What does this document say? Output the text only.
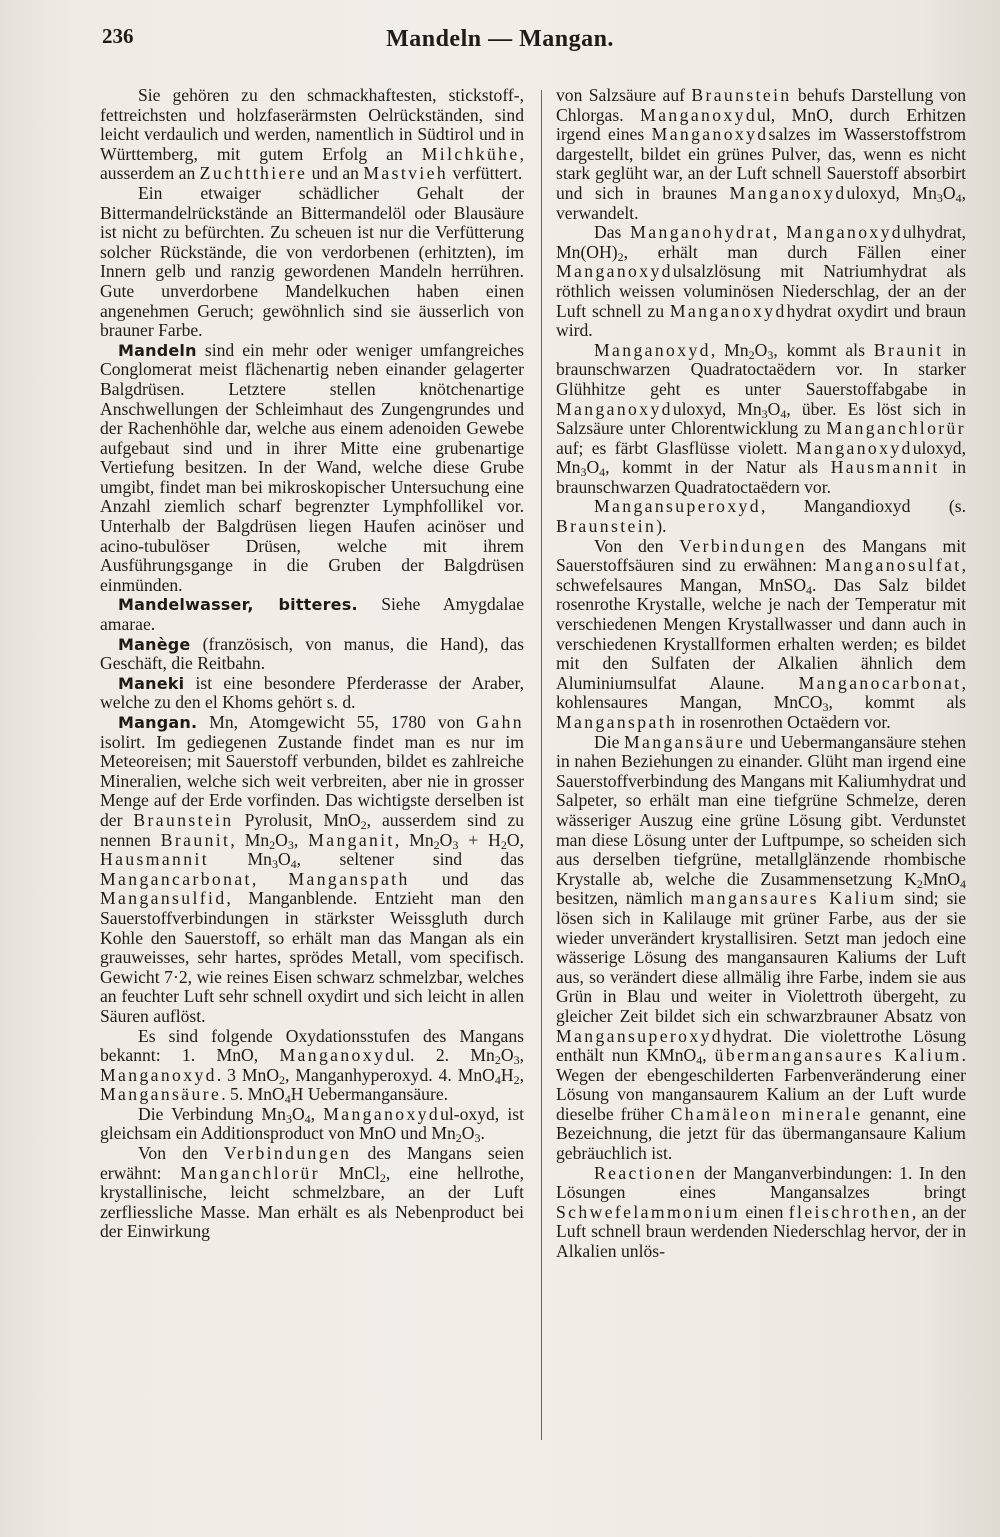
236	Mandeln — Mangan.

Sie gehören zu den schmackhaftesten, stickstoff-, fettreichsten und holzfaserärmsten Oelrückständen, sind leicht verdaulich und werden, namentlich in Südtirol und in Württemberg, mit gutem Erfolg an Milchkühe, ausserdem an Zuchtthiere und an Mastvieh verfüttert.

Ein etwaiger schädlicher Gehalt der Bittermandelrückstände an Bittermandelöl oder Blausäure ist nicht zu befürchten. Zu scheuen ist nur die Verfütterung solcher Rückstände, die von verdorbenen (erhitzten), im Innern gelb und ranzig gewordenen Mandeln herrühren. Gute unverdorbene Mandelkuchen haben einen angenehmen Geruch; gewöhnlich sind sie äusserlich von brauner Farbe.

Mandeln sind ein mehr oder weniger umfangreiches Conglomerat meist flächenartig neben einander gelagerter Balgdrüsen. Letztere stellen knötchenartige Anschwellungen der Schleimhaut des Zungengrundes und der Rachenhöhle dar, welche aus einem adenoiden Gewebe aufgebaut sind und in ihrer Mitte eine grubenartige Vertiefung besitzen. In der Wand, welche diese Grube umgibt, findet man bei mikroskopischer Untersuchung eine Anzahl ziemlich scharf begrenzter Lymphfollikel vor. Unterhalb der Balgdrüsen liegen Haufen acinöser und acino-tubulöser Drüsen, welche mit ihrem Ausführungsgange in die Gruben der Balgdrüsen einmünden.

Mandelwasser, bitteres. Siehe Amygdalae amarae.

Manège (französisch, von manus, die Hand), das Geschäft, die Reitbahn.

Maneki ist eine besondere Pferderasse der Araber, welche zu den el Khoms gehört s. d.

Mangan. Mn, Atomgewicht 55, 1780 von Gahn isolirt. Im gediegenen Zustande findet man es nur im Meteoreisen; mit Sauerstoff verbunden, bildet es zahlreiche Mineralien, welche sich weit verbreiten, aber nie in grosser Menge auf der Erde vorfinden. Das wichtigste derselben ist der Braunstein Pyrolusit, MnO$_2$, ausserdem sind zu nennen Braunit, $Mn_2O_3$, Manganit, $Mn_2O_3 + H_2O$, Hausmannit $Mn_3O_4$, seltener sind das Mangancarbonat, Manganspath und das Mangansulfid, Manganblende. Entzieht man den Sauerstoffverbindungen in stärkster Weissgluth durch Kohle den Sauerstoff, so erhält man das Mangan als ein grauweisses, sehr hartes, sprödes Metall, vom specifisch. Gewicht 7·2, wie reines Eisen schwarz schmelzbar, welches an feuchter Luft sehr schnell oxydirt und sich leicht in allen Säuren auflöst.

Es sind folgende Oxydationsstufen des Mangans bekannt: 1. MnO, Manganoxydul. 2. $Mn_2O_3$, Manganoxyd. 3 MnO$_2$, Manganhyperoxyd. 4. $MnO_4H_2$, Mangansäure. 5. MnO$_4$H Uebermangansäure.

Die Verbindung $Mn_3O_4$, Manganoxydul-oxyd, ist gleichsam ein Additionsproduct von MnO und $Mn_2O_3$.

Von den Verbindungen des Mangans seien erwähnt: Manganchlorür MnCl$_2$, eine hellrothe, krystallinische, leicht schmelzbare, an der Luft zerfliessliche Masse. Man erhält es als Nebenproduct bei der Einwirkung

von Salzsäure auf Braunstein behufs Darstellung von Chlorgas. Manganoxydul, MnO, durch Erhitzen irgend eines Manganoxydsalzes im Wasserstoffstrom dargestellt, bildet ein grünes Pulver, das, wenn es nicht stark geglüht war, an der Luft schnell Sauerstoff absorbirt und sich in braunes Manganoxyduloxyd, $Mn_3O_4$, verwandelt.

Das Manganohydrat, Manganoxydulhydrat, $Mn(OH)_2$, erhält man durch Fällen einer Manganoxydulsalzlösung mit Natriumhydrat als röthlich weissen voluminösen Niederschlag, der an der Luft schnell zu Manganoxydhydrat oxydirt und braun wird.

Manganoxyd, $Mn_2O_3$, kommt als Braunit in braunschwarzen Quadratoctaëdern vor. In starker Glühhitze geht es unter Sauerstoffabgabe in Manganoxyduloxyd, $Mn_3O_4$, über. Es löst sich in Salzsäure unter Chlorentwicklung zu Manganchlorür auf; es färbt Glasflüsse violett. Manganoxyduloxyd, $Mn_3O_4$, kommt in der Natur als Hausmannit in braunschwarzen Quadratoctaëdern vor.

Mangansuperoxyd, Mangandioxyd (s. Braunstein).

Von den Verbindungen des Mangans mit Sauerstoffsäuren sind zu erwähnen: Manganosulfat, schwefelsaures Mangan, MnSO$_4$. Das Salz bildet rosenrothe Krystalle, welche je nach der Temperatur mit verschiedenen Mengen Krystallwasser und dann auch in verschiedenen Krystallformen erhalten werden; es bildet mit den Sulfaten der Alkalien ähnlich dem Aluminiumsulfat Alaune. Manganocarbonat, kohlensaures Mangan, MnCO$_3$, kommt als Manganspath in rosenrothen Octaëdern vor.

Die Mangansäure und Uebermangansäure stehen in nahen Beziehungen zu einander. Glüht man irgend eine Sauerstoffverbindung des Mangans mit Kaliumhydrat und Salpeter, so erhält man eine tiefgrüne Schmelze, deren wässeriger Auszug eine grüne Lösung gibt. Verdunstet man diese Lösung unter der Luftpumpe, so scheiden sich aus derselben tiefgrüne, metallglänzende rhombische Krystalle ab, welche die Zusammensetzung $K_2MnO_4$ besitzen, nämlich mangansaures Kalium sind; sie lösen sich in Kalilauge mit grüner Farbe, aus der sie wieder unverändert krystallisiren. Setzt man jedoch eine wässerige Lösung des mangansauren Kaliums der Luft aus, so verändert diese allmälig ihre Farbe, indem sie aus Grün in Blau und weiter in Violettroth übergeht, zu gleicher Zeit bildet sich ein schwarzbrauner Absatz von Mangansuperoxydhydrat. Die violettrothe Lösung enthält nun KMnO$_4$, übermangansaures Kalium. Wegen der ebengeschilderten Farbenveränderung einer Lösung von mangansaurem Kalium an der Luft wurde dieselbe früher Chamäleon minerale genannt, eine Bezeichnung, die jetzt für das übermangansaure Kalium gebräuchlich ist.

Reactionen der Manganverbindungen: 1. In den Lösungen eines Mangansalzes bringt Schwefelammonium einen fleischrothen, an der Luft schnell braun werdenden Niederschlag hervor, der in Alkalien unlös-
